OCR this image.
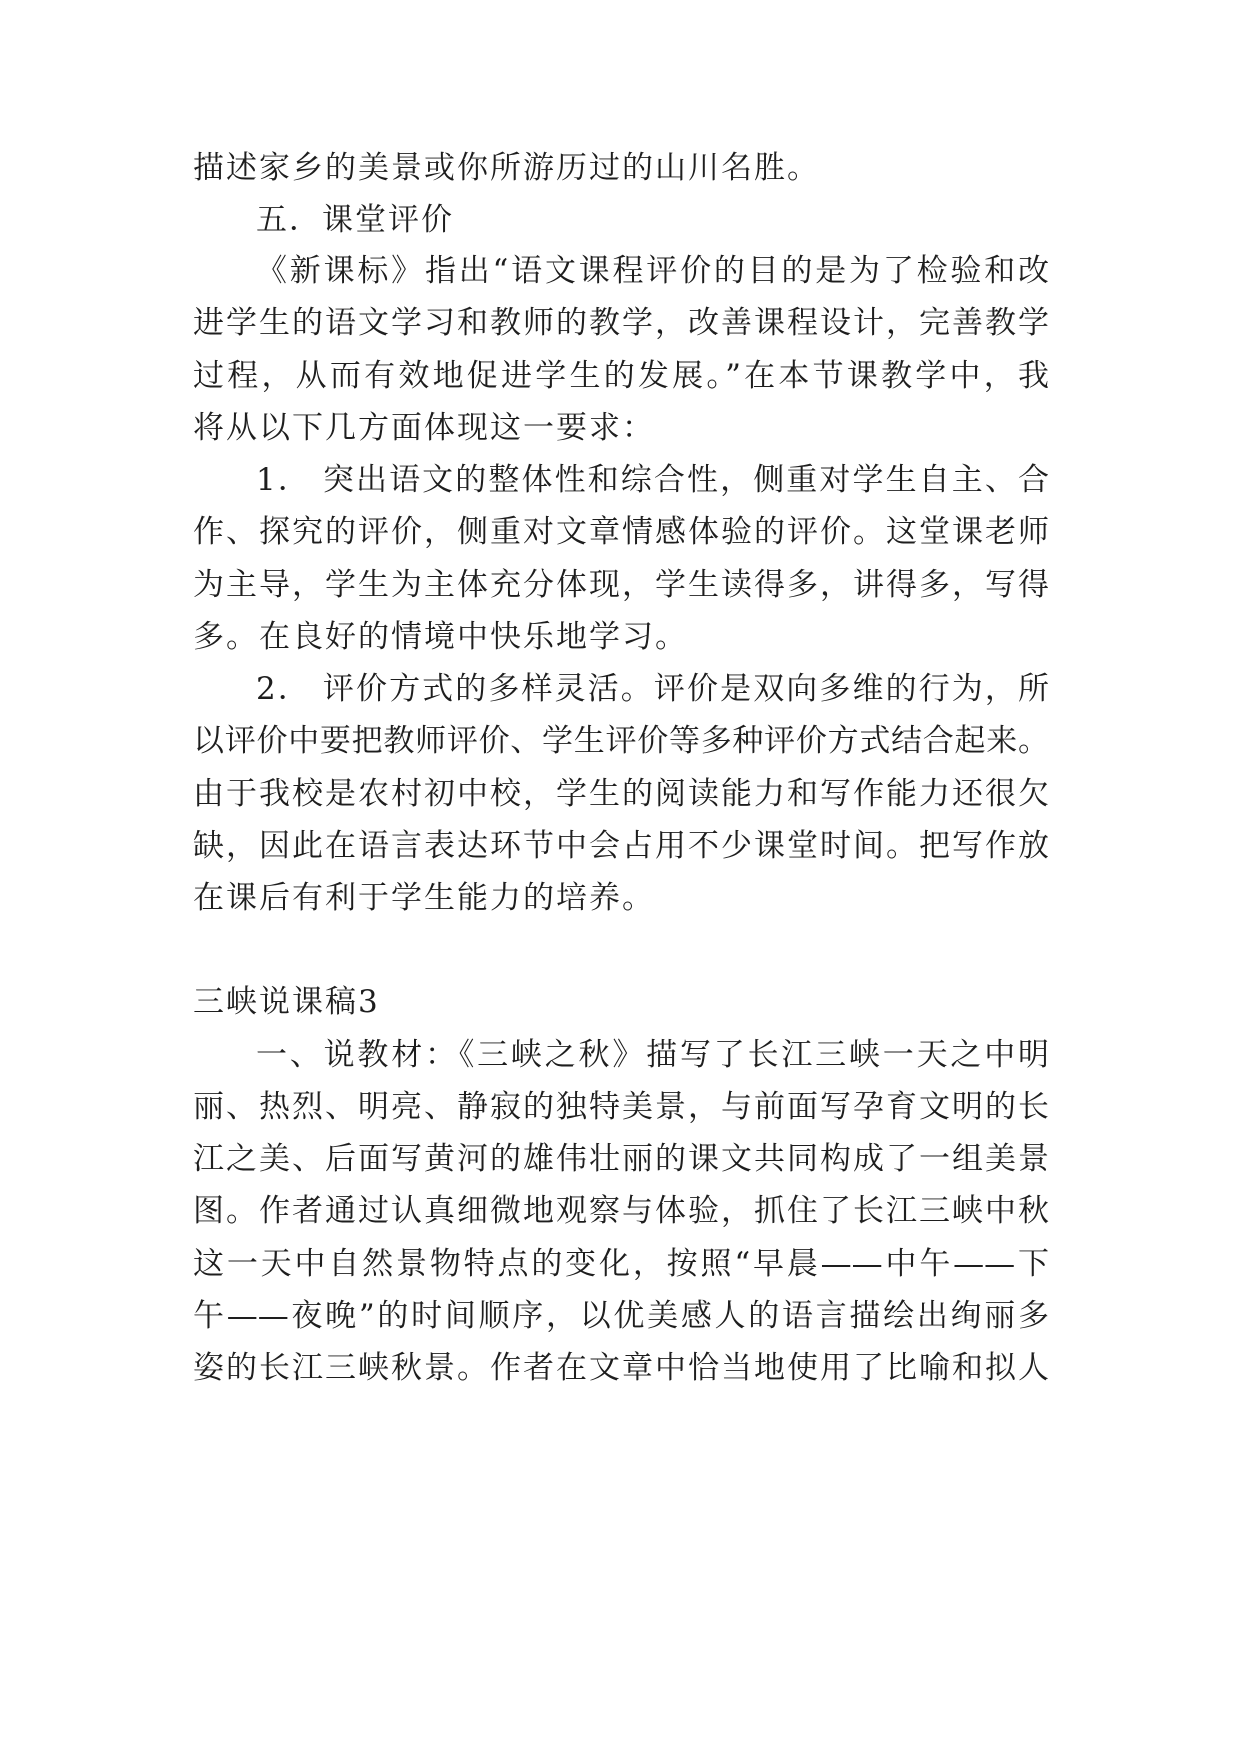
描述家乡的美景或你所游历过的山川名胜。
五．课堂评价
《新课标》指出“语文课程评价的目的是为了检验和改
进学生的语文学习和教师的教学，改善课程设计，完善教学
过程，从而有效地促进学生的发展。”在本节课教学中，我
将从以下几方面体现这一要求：
1． 突出语文的整体性和综合性，侧重对学生自主、合
作、探究的评价，侧重对文章情感体验的评价。这堂课老师
为主导，学生为主体充分体现，学生读得多，讲得多，写得
多。在良好的情境中快乐地学习。
2． 评价方式的多样灵活。评价是双向多维的行为，所
以评价中要把教师评价、学生评价等多种评价方式结合起来。
由于我校是农村初中校，学生的阅读能力和写作能力还很欠
缺，因此在语言表达环节中会占用不少课堂时间。把写作放
在课后有利于学生能力的培养。
三峡说课稿3
一、说教材：《三峡之秋》描写了长江三峡一天之中明
丽、热烈、明亮、静寂的独特美景，与前面写孕育文明的长
江之美、后面写黄河的雄伟壮丽的课文共同构成了一组美景
图。作者通过认真细微地观察与体验，抓住了长江三峡中秋
这一天中自然景物特点的变化，按照“早晨——中午——下
午——夜晚”的时间顺序，以优美感人的语言描绘出绚丽多
姿的长江三峡秋景。作者在文章中恰当地使用了比喻和拟人
